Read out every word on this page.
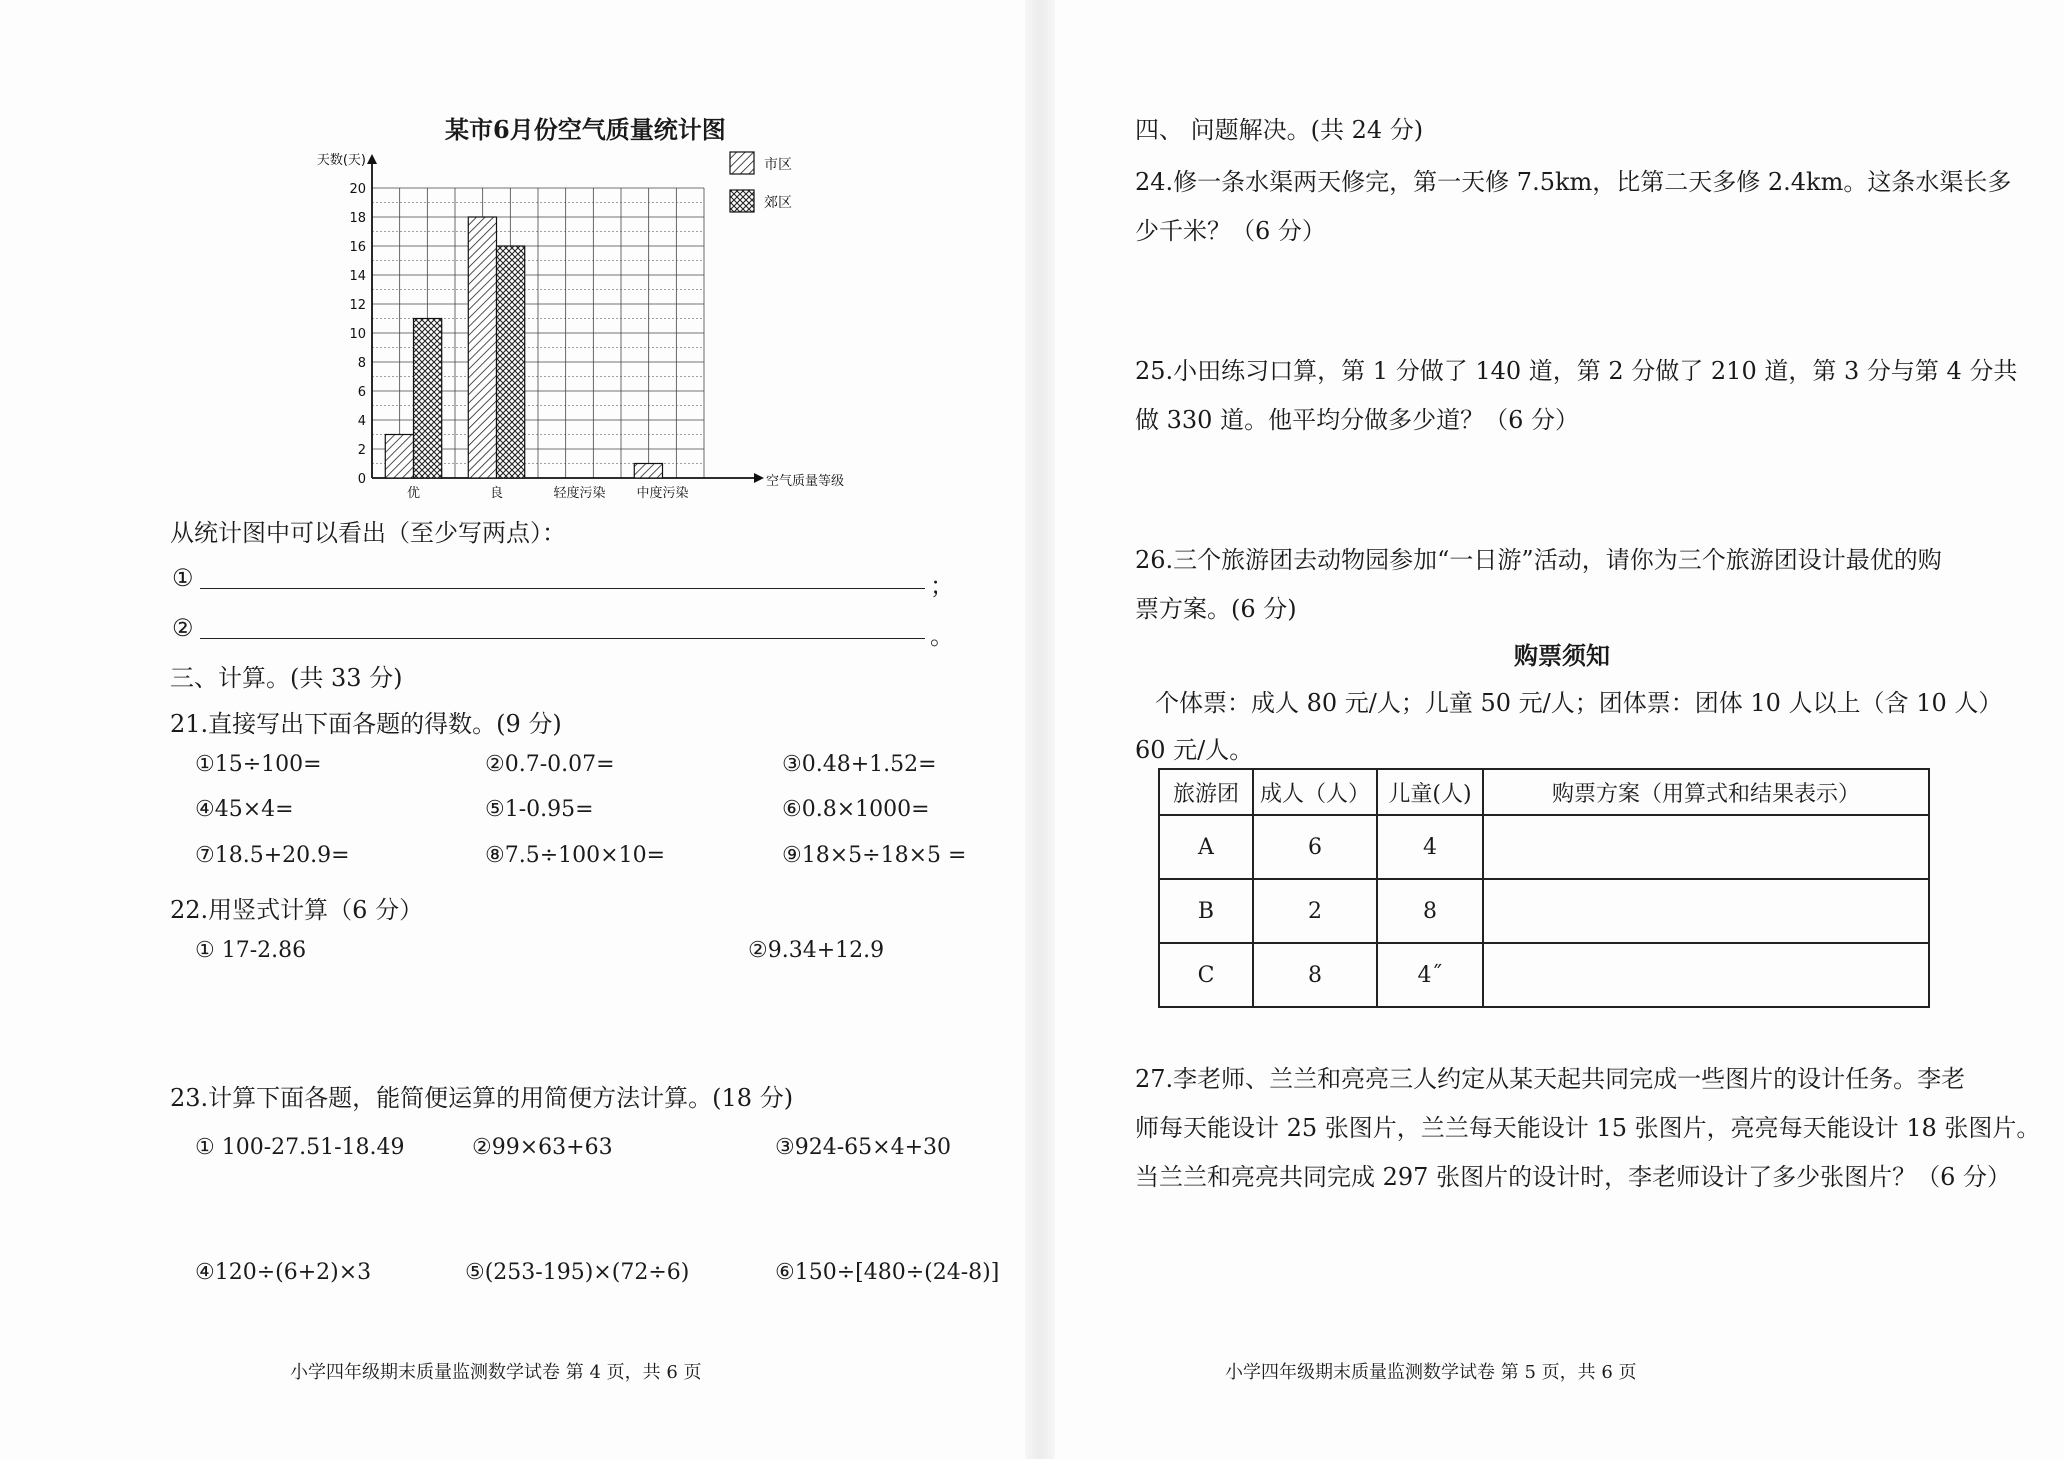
某市6月份空气质量统计图
0
2
4
6
8
10
12
14
16
18
20
天数(天)
空气质量等级
优	良	轻度污染 中度污染
市区
郊区
从统计图中可以看出（至少写两点）：
①	；
②	。
三、计算。(共 33 分)
21.直接写出下面各题的得数。(9 分)
①15÷100=	②0.7-0.07=	③0.48+1.52=
④45×4=	⑤1-0.95=	⑥0.8×1000=
⑦18.5+20.9=	⑧7.5÷100×10=	⑨18×5÷18×5 =
22.用竖式计算（6 分）
① 17-2.86	②9.34+12.9
23.计算下面各题，能简便运算的用简便方法计算。(18 分)
① 100-27.51-18.49	②99×63+63	③924-65×4+30
④120÷(6+2)×3	⑤(253-195)×(72÷6)	⑥150÷[480÷(24-8)]
小学四年级期末质量监测数学试卷 第 4 页，共 6 页
四、 问题解决。(共 24 分)
24.修一条水渠两天修完，第一天修 7.5km，比第二天多修 2.4km。这条水渠长多
少千米？（6 分）
25.小田练习口算，第 1 分做了 140 道，第 2 分做了 210 道，第 3 分与第 4 分共
做 330 道。他平均分做多少道？（6 分）
26.三个旅游团去动物园参加“一日游”活动，请你为三个旅游团设计最优的购
票方案。(6 分)
购票须知
个体票：成人 80 元/人；儿童 50 元/人；团体票：团体 10 人以上（含 10 人）
60 元/人。
旅游团	成人（人）	儿童(人)	购票方案（用算式和结果表示）
A	6	4	
B	2	8	
C	8	4˝	
27.李老师、兰兰和亮亮三人约定从某天起共同完成一些图片的设计任务。李老
师每天能设计 25 张图片，兰兰每天能设计 15 张图片，亮亮每天能设计 18 张图片。
当兰兰和亮亮共同完成 297 张图片的设计时，李老师设计了多少张图片？（6 分）
小学四年级期末质量监测数学试卷 第 5 页，共 6 页
